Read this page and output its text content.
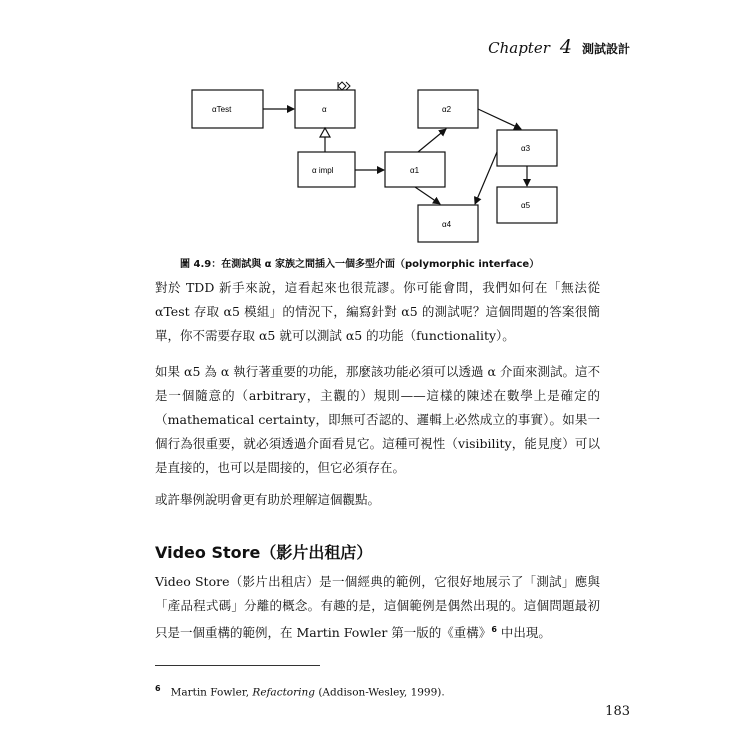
Chapter 4 測試設計
αTest	α
α impl	α1
α2
α3
α4
α5
圖 4.9：在測試與 α 家族之間插入一個多型介面（polymorphic interface）

對於 TDD 新手來說，這看起來也很荒謬。你可能會問，我們如何在「無法從 αTest 存取 α5 模組」的情況下，編寫針對 α5 的測試呢？這個問題的答案很簡單，你不需要存取 α5 就可以測試 α5 的功能（functionality）。

如果 α5 為 α 執行著重要的功能，那麼該功能必須可以透過 α 介面來測試。這不是一個隨意的（arbitrary，主觀的）規則——這樣的陳述在數學上是確定的（mathematical certainty，即無可否認的、邏輯上必然成立的事實）。如果一個行為很重要，就必須透過介面看見它。這種可視性（visibility，能見度）可以是直接的，也可以是間接的，但它必須存在。

或許舉例說明會更有助於理解這個觀點。

Video Store（影片出租店）

Video Store（影片出租店）是一個經典的範例，它很好地展示了「測試」應與「產品程式碼」分離的概念。有趣的是，這個範例是偶然出現的。這個問題最初只是一個重構的範例，在 Martin Fowler 第一版的《重構》$^6$ 中出現。

$^6$ Martin Fowler, Refactoring (Addison-Wesley, 1999).
183
